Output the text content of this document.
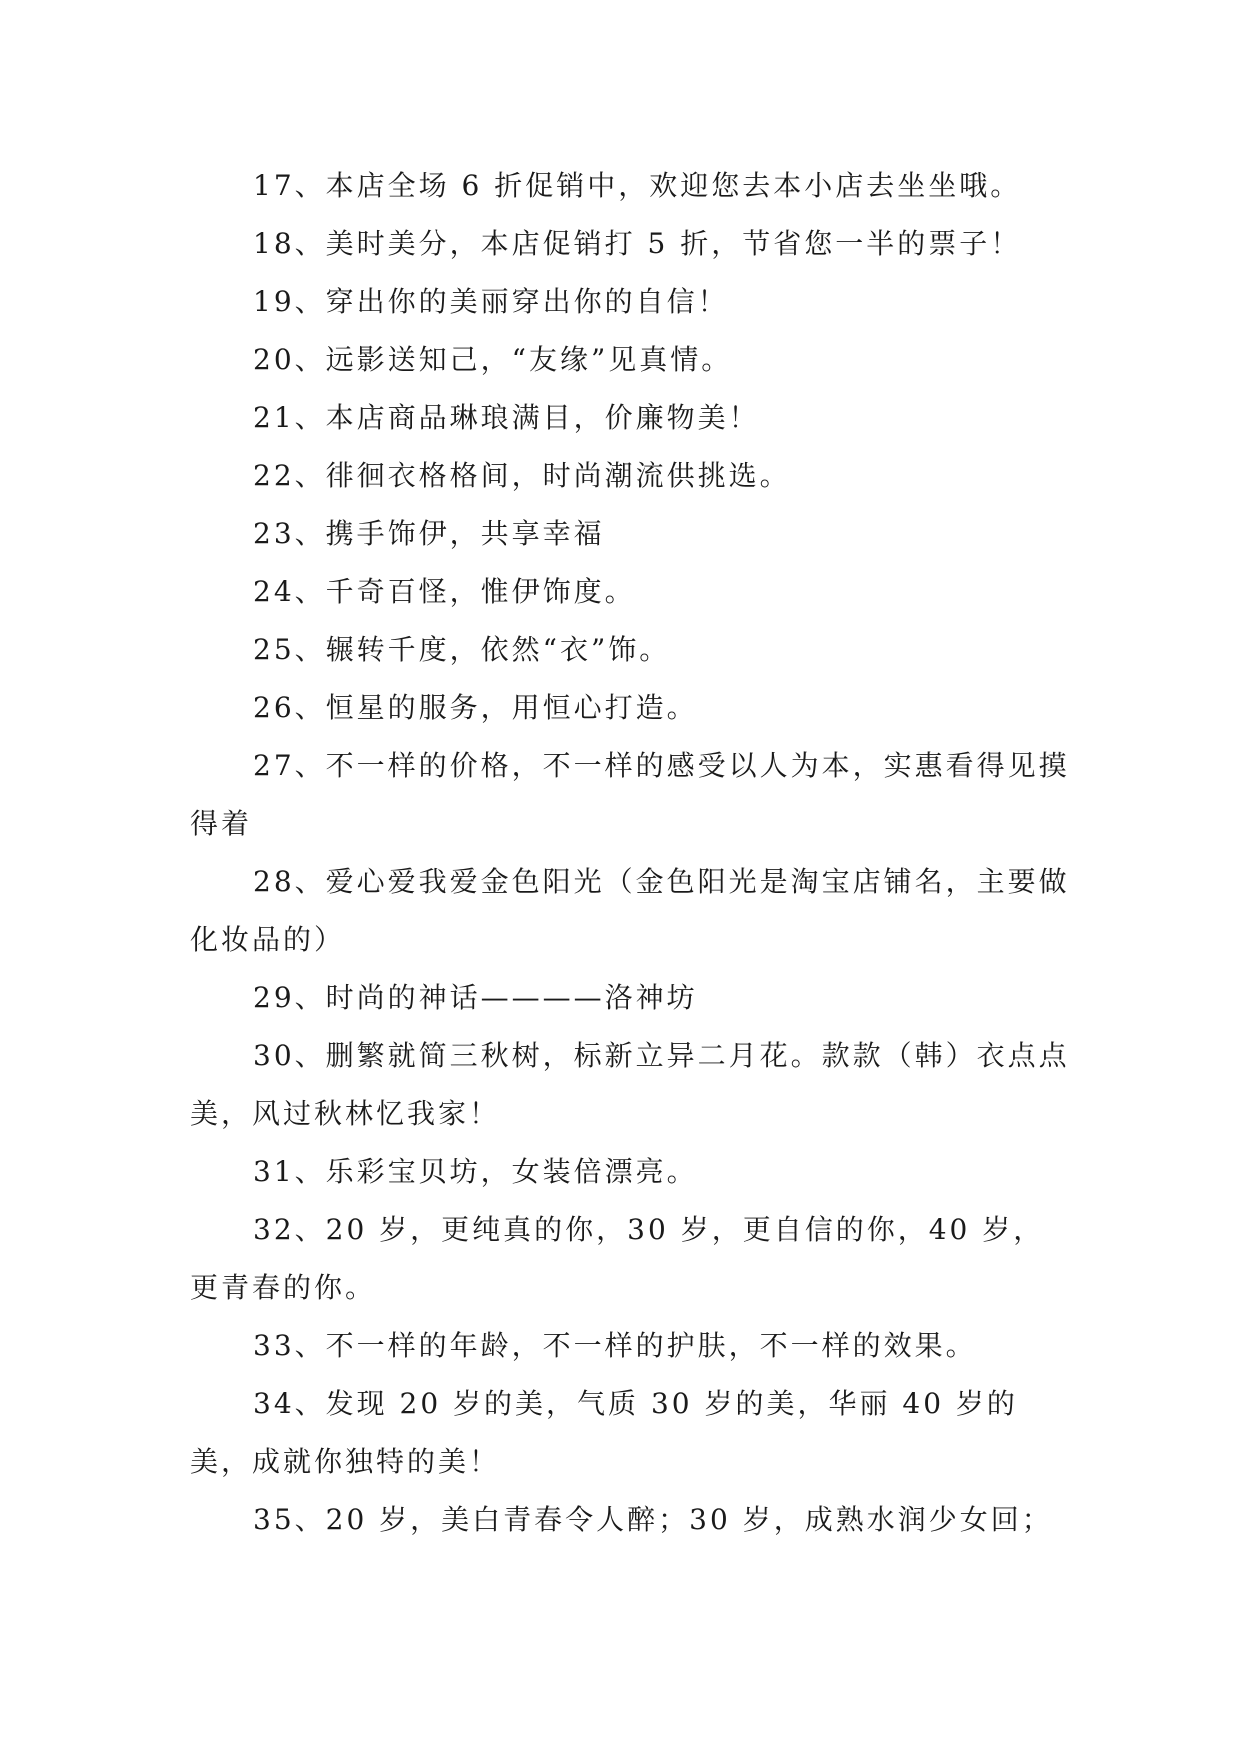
17、本店全场 6 折促销中，欢迎您去本小店去坐坐哦。

18、美时美分，本店促销打 5 折，节省您一半的票子！

19、穿出你的美丽穿出你的自信！

20、远影送知己，“友缘”见真情。

21、本店商品琳琅满目，价廉物美！

22、徘徊衣格格间，时尚潮流供挑选。

23、携手饰伊，共享幸福

24、千奇百怪，惟伊饰度。

25、辗转千度，依然“衣”饰。

26、恒星的服务，用恒心打造。

27、不一样的价格，不一样的感受以人为本，实惠看得见摸得着

28、爱心爱我爱金色阳光（金色阳光是淘宝店铺名，主要做化妆品的）

29、时尚的神话————洛神坊

30、删繁就简三秋树，标新立异二月花。款款（韩）衣点点美，风过秋林忆我家！

31、乐彩宝贝坊，女装倍漂亮。

32、20 岁，更纯真的你，30 岁，更自信的你，40 岁，更青春的你。

33、不一样的年龄，不一样的护肤，不一样的效果。

34、发现 20 岁的美，气质 30 岁的美，华丽 40 岁的美，成就你独特的美！

35、20 岁，美白青春令人醉；30 岁，成熟水润少女回；
